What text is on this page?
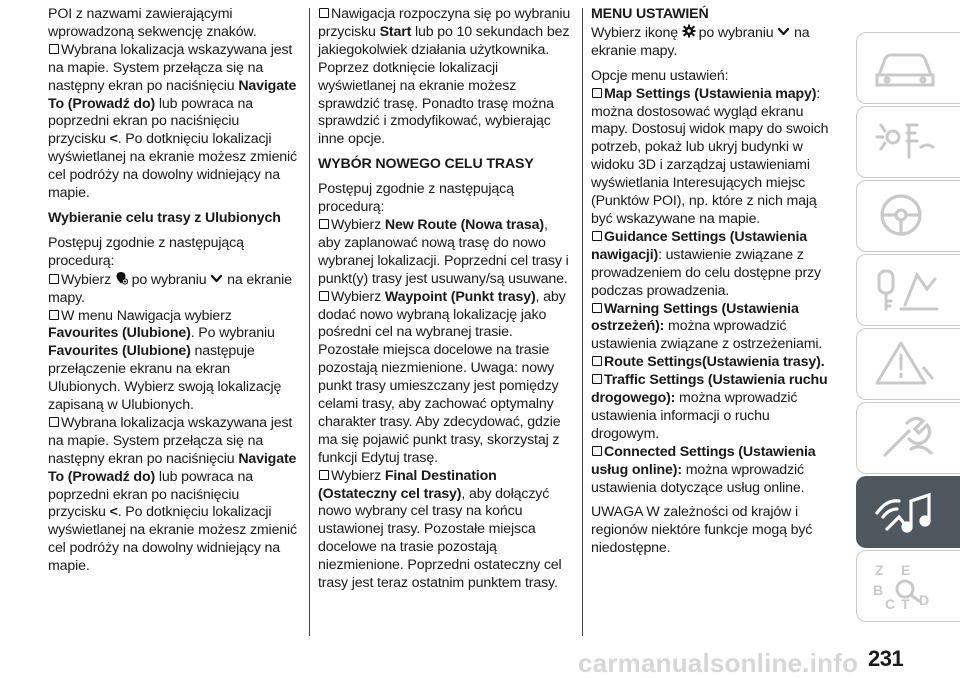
POI z nazwami zawierającymi wprowadzoną sekwencję znaków.

Wybrana lokalizacja wskazywana jest na mapie. System przełącza się na następny ekran po naciśnięciu Navigate To (Prowadź do) lub powraca na poprzedni ekran po naciśnięciu przycisku <. Po dotknięciu lokalizacji wyświetlanej na ekranie możesz zmienić cel podróży na dowolny widniejący na mapie.

Wybieranie celu trasy z Ulubionych

Postępuj zgodnie z następującą procedurą:

Wybierz
po wybraniu
na ekranie mapy.

W menu Nawigacja wybierz Favourites (Ulubione). Po wybraniu Favourites (Ulubione) następuje przełączenie ekranu na ekran Ulubionych. Wybierz swoją lokalizację zapisaną w Ulubionych.

Wybrana lokalizacja wskazywana jest na mapie. System przełącza się na następny ekran po naciśnięciu Navigate To (Prowadź do) lub powraca na poprzedni ekran po naciśnięciu przycisku <. Po dotknięciu lokalizacji wyświetlanej na ekranie możesz zmienić cel podróży na dowolny widniejący na mapie.

Nawigacja rozpoczyna się po wybraniu przycisku Start lub po 10 sekundach bez jakiegokolwiek działania użytkownika. Poprzez dotknięcie lokalizacji wyświetlanej na ekranie możesz sprawdzić trasę. Ponadto trasę można sprawdzić i zmodyfikować, wybierając inne opcje.

WYBÓR NOWEGO CELU TRASY

Postępuj zgodnie z następującą procedurą:

Wybierz New Route (Nowa trasa), aby zaplanować nową trasę do nowo wybranej lokalizacji. Poprzedni cel trasy i punkt(y) trasy jest usuwany/są usuwane.

Wybierz Waypoint (Punkt trasy), aby dodać nowo wybraną lokalizację jako pośredni cel na wybranej trasie. Pozostałe miejsca docelowe na trasie pozostają niezmienione. Uwaga: nowy punkt trasy umieszczany jest pomiędzy celami trasy, aby zachować optymalny charakter trasy. Aby zdecydować, gdzie ma się pojawić punkt trasy, skorzystaj z funkcji Edytuj trasę.

Wybierz Final Destination (Ostateczny cel trasy), aby dołączyć nowo wybrany cel trasy na końcu ustawionej trasy. Pozostałe miejsca docelowe na trasie pozostają niezmienione. Poprzedni ostateczny cel trasy jest teraz ostatnim punktem trasy.

MENU USTAWIEŃ

Wybierz ikonę
po wybraniu
na ekranie mapy.

Opcje menu ustawień:

Map Settings (Ustawienia mapy): można dostosować wygląd ekranu mapy. Dostosuj widok mapy do swoich potrzeb, pokaż lub ukryj budynki w widoku 3D i zarządzaj ustawieniami wyświetlania Interesujących miejsc (Punktów POI), np. które z nich mają być wskazywane na mapie.

Guidance Settings (Ustawienia nawigacji): ustawienie związane z prowadzeniem do celu dostępne przy podczas prowadzenia.

Warning Settings (Ustawienia ostrzeżeń): można wprowadzić ustawienia związane z ostrzeżeniami.

Route Settings(Ustawienia trasy).

Traffic Settings (Ustawienia ruchu drogowego): można wprowadzić ustawienia informacji o ruchu drogowym.

Connected Settings (Ustawienia usług online): można wprowadzić ustawienia dotyczące usług online.

UWAGA W zależności od krajów i regionów niektóre funkcje mogą być niedostępne.

Z E
B
C T D
carmanualsonline.info 231
